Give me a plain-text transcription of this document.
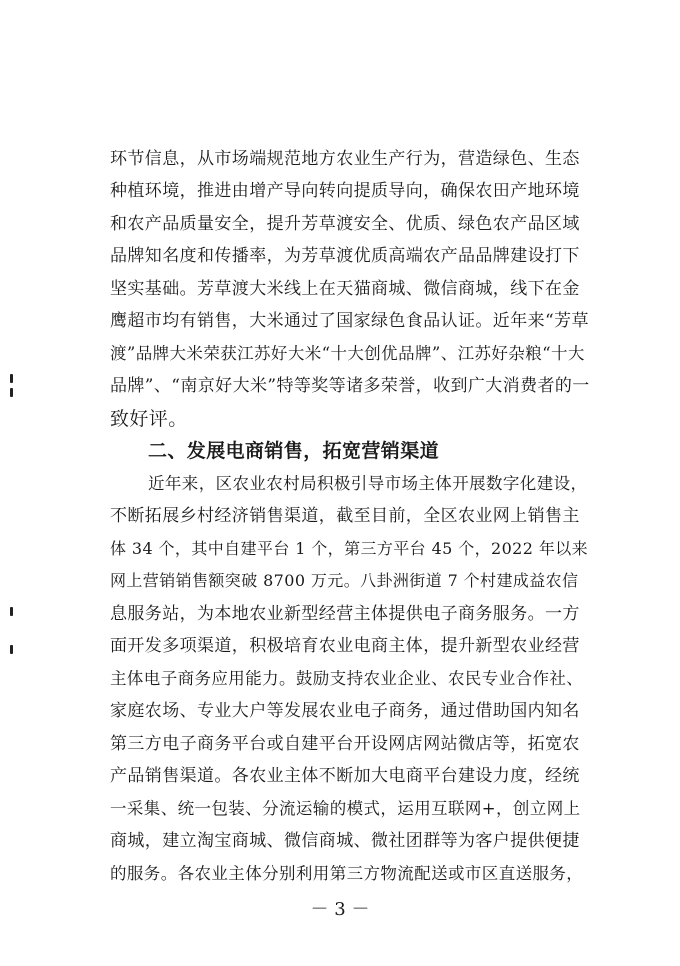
环节信息，从市场端规范地方农业生产行为，营造绿色、生态
种植环境，推进由增产导向转向提质导向，确保农田产地环境
和农产品质量安全，提升芳草渡安全、优质、绿色农产品区域
品牌知名度和传播率，为芳草渡优质高端农产品品牌建设打下
坚实基础。芳草渡大米线上在天猫商城、微信商城，线下在金
鹰超市均有销售，大米通过了国家绿色食品认证。近年来“芳草
渡”品牌大米荣获江苏好大米“十大创优品牌”、江苏好杂粮“十大
品牌”、“南京好大米”特等奖等诸多荣誉，收到广大消费者的一
致好评。
二、发展电商销售，拓宽营销渠道
近年来，区农业农村局积极引导市场主体开展数字化建设，
不断拓展乡村经济销售渠道，截至目前，全区农业网上销售主
体 34 个，其中自建平台 1 个，第三方平台 45 个，2022 年以来
网上营销销售额突破 8700 万元。八卦洲街道 7 个村建成益农信
息服务站，为本地农业新型经营主体提供电子商务服务。一方
面开发多项渠道，积极培育农业电商主体，提升新型农业经营
主体电子商务应用能力。鼓励支持农业企业、农民专业合作社、
家庭农场、专业大户等发展农业电子商务，通过借助国内知名
第三方电子商务平台或自建平台开设网店网站微店等，拓宽农
产品销售渠道。各农业主体不断加大电商平台建设力度，经统
一采集、统一包装、分流运输的模式，运用互联网+，创立网上
商城，建立淘宝商城、微信商城、微社团群等为客户提供便捷
的服务。各农业主体分别利用第三方物流配送或市区直送服务，
－ 3 －
